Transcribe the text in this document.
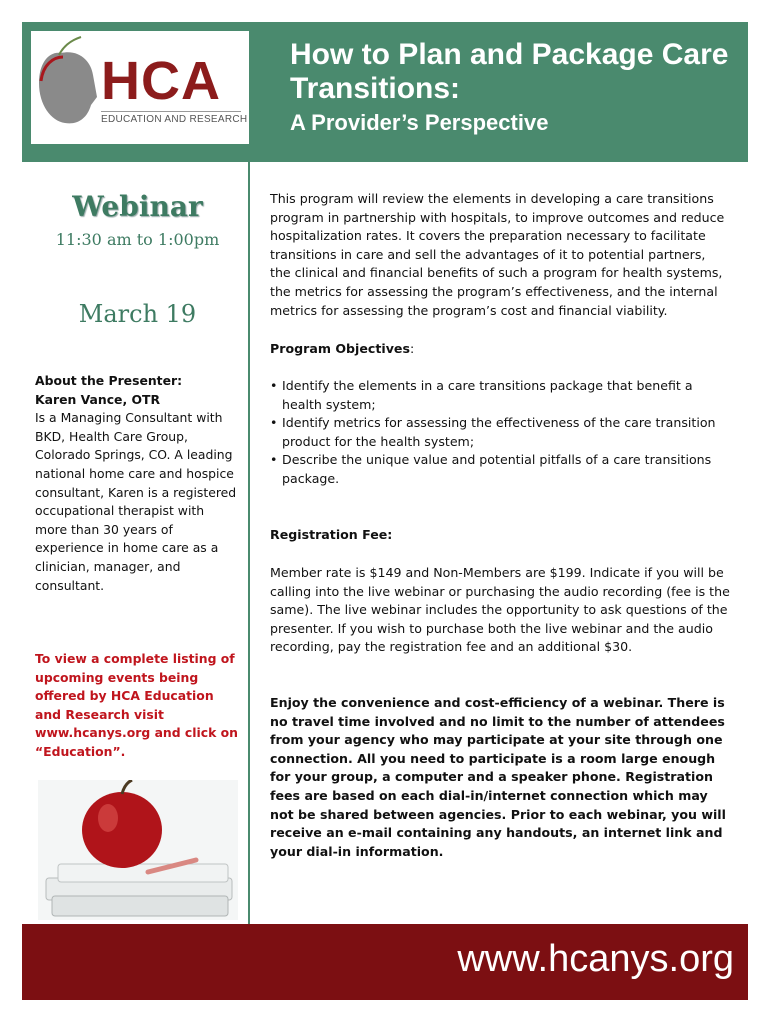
HCA
EDUCATION AND RESEARCH
How to Plan and Package Care Transitions:
A Provider’s Perspective
Webinar
11:30 am to 1:00pm
March 19
About the Presenter:
Karen Vance, OTR
Is a Managing Consultant with BKD, Health Care Group, Colorado Springs, CO. A leading national home care and hospice consultant, Karen is a registered occupational therapist with more than 30 years of experience in home care as a clinician, manager, and consultant.
To view a complete listing of upcoming events being offered by HCA Education and Research visit www.hcanys.org and click on “Education”.

This program will review the elements in developing a care transitions program in partnership with hospitals, to improve outcomes and reduce hospitalization rates. It covers the preparation necessary to facilitate transitions in care and sell the advantages of it to potential partners, the clinical and financial benefits of such a program for health systems, the metrics for assessing the program’s effectiveness, and the internal metrics for assessing the program’s cost and financial viability.

Program Objectives:

• Identify the elements in a care transitions package that benefit a health system;
• Identify metrics for assessing the effectiveness of the care transition product for the health system;
• Describe the unique value and potential pitfalls of a care transitions package.

Registration Fee:

Member rate is $149 and Non-Members are $199. Indicate if you will be calling into the live webinar or purchasing the audio recording (fee is the same). The live webinar includes the opportunity to ask questions of the presenter. If you wish to purchase both the live webinar and the audio recording, pay the registration fee and an additional $30.

Enjoy the convenience and cost-efficiency of a webinar. There is no travel time involved and no limit to the number of attendees from your agency who may participate at your site through one connection. All you need to participate is a room large enough for your group, a computer and a speaker phone. Registration fees are based on each dial-in/internet connection which may not be shared between agencies. Prior to each webinar, you will receive an e-mail containing any handouts, an internet link and your dial-in information.

www.hcanys.org
